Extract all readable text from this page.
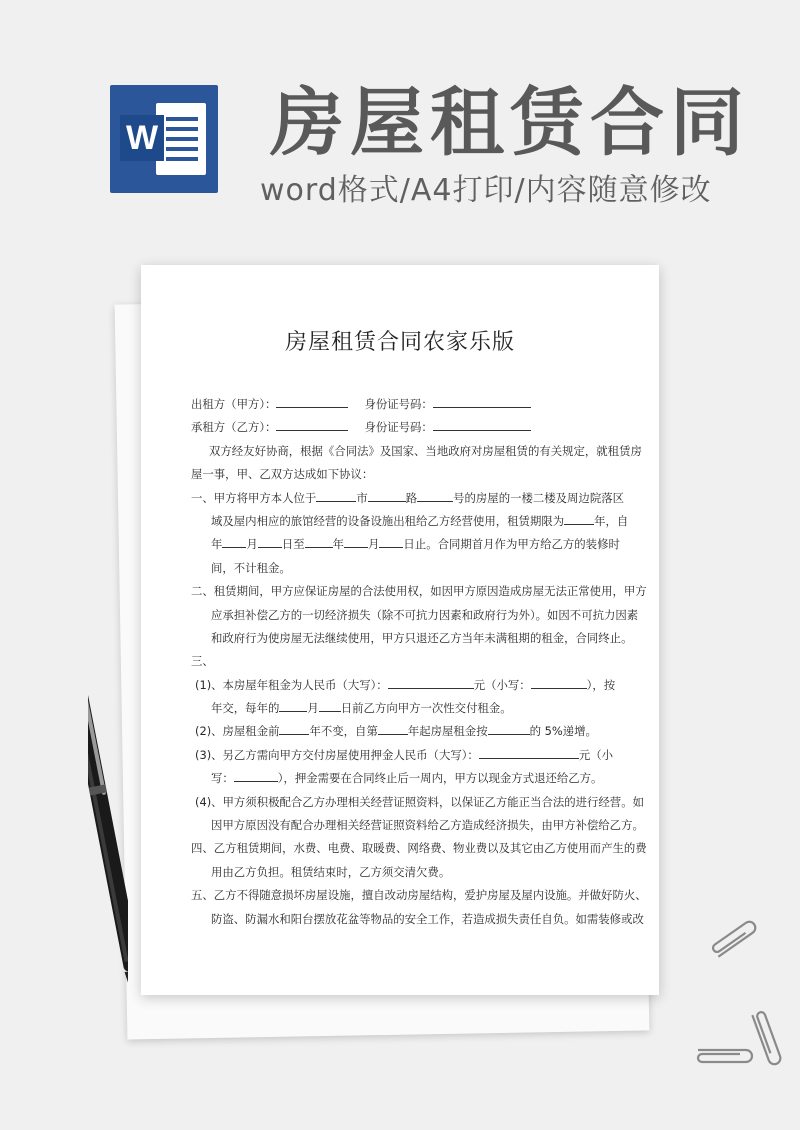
W 房屋租赁合同
word格式/A4打印/内容随意修改
房屋租赁合同农家乐版
出租方（甲方）：	身份证号码：
承租方（乙方）：	身份证号码：
双方经友好协商，根据《合同法》及国家、当地政府对房屋租赁的有关规定，就租赁房
屋一事，甲、乙双方达成如下协议：
一、甲方将甲方本人位于	市	路	号的房屋的一楼二楼及周边院落区
域及屋内相应的旅馆经营的设备设施出租给乙方经营使用，租赁期限为	年，自
年 月 日至 年 月 日止。合同期首月作为甲方给乙方的装修时
间，不计租金。
二、租赁期间，甲方应保证房屋的合法使用权，如因甲方原因造成房屋无法正常使用，甲方
应承担补偿乙方的一切经济损失（除不可抗力因素和政府行为外）。如因不可抗力因素
和政府行为使房屋无法继续使用，甲方只退还乙方当年未满租期的租金，合同终止。
三、
(1)、本房屋年租金为人民币（大写）：	元（小写：	），按
年交，每年的 月 日前乙方向甲方一次性交付租金。
(2)、房屋租金前	年不变，自第	年起房屋租金按	的 5%递增。
(3)、另乙方需向甲方交付房屋使用押金人民币（大写）：	元（小
写：	），押金需要在合同终止后一周内，甲方以现金方式退还给乙方。
(4)、甲方须积极配合乙方办理相关经营证照资料，以保证乙方能正当合法的进行经营。如
因甲方原因没有配合办理相关经营证照资料给乙方造成经济损失，由甲方补偿给乙方。
四、乙方租赁期间，水费、电费、取暖费、网络费、物业费以及其它由乙方使用而产生的费
用由乙方负担。租赁结束时，乙方须交清欠费。
五、乙方不得随意损坏房屋设施，擅自改动房屋结构，爱护房屋及屋内设施。并做好防火、
防盗、防漏水和阳台摆放花盆等物品的安全工作，若造成损失责任自负。如需装修或改
